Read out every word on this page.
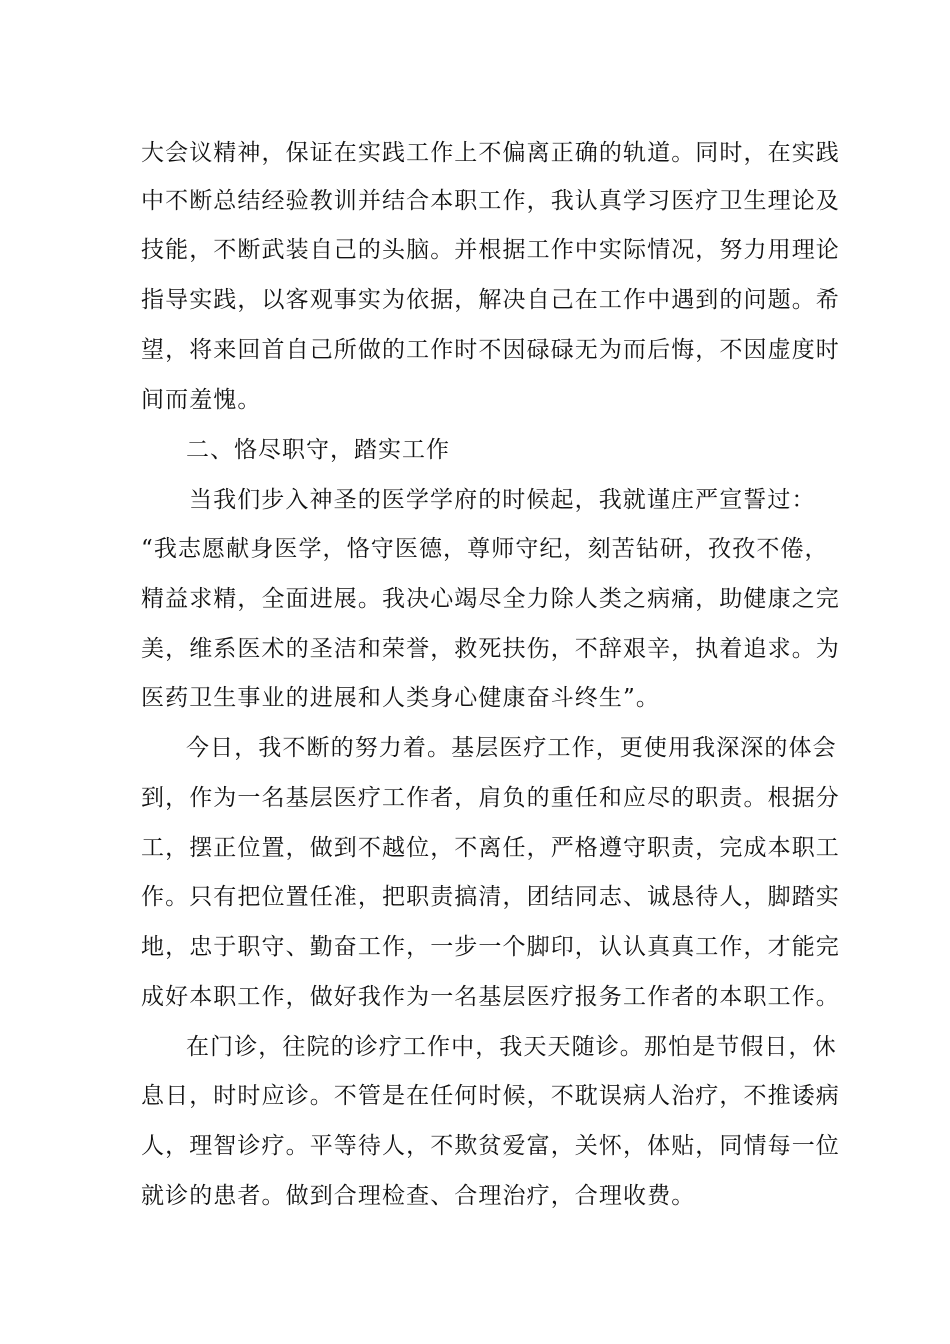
大会议精神，保证在实践工作上不偏离正确的轨道。同时，在实践

中不断总结经验教训并结合本职工作，我认真学习医疗卫生理论及

技能，不断武装自己的头脑。并根据工作中实际情况，努力用理论

指导实践，以客观事实为依据，解决自己在工作中遇到的问题。希

望，将来回首自己所做的工作时不因碌碌无为而后悔，不因虚度时

间而羞愧。

二、恪尽职守，踏实工作

当我们步入神圣的医学学府的时候起，我就谨庄严宣誓过：

“我志愿献身医学，恪守医德，尊师守纪，刻苦钻研，孜孜不倦，

精益求精，全面进展。我决心竭尽全力除人类之病痛，助健康之完

美，维系医术的圣洁和荣誉，救死扶伤，不辞艰辛，执着追求。为

医药卫生事业的进展和人类身心健康奋斗终生”。

今日，我不断的努力着。基层医疗工作，更使用我深深的体会

到，作为一名基层医疗工作者，肩负的重任和应尽的职责。根据分

工，摆正位置，做到不越位，不离任，严格遵守职责，完成本职工

作。只有把位置任准，把职责搞清，团结同志、诚恳待人，脚踏实

地，忠于职守、勤奋工作，一步一个脚印，认认真真工作，才能完

成好本职工作，做好我作为一名基层医疗报务工作者的本职工作。

在门诊，往院的诊疗工作中，我天天随诊。那怕是节假日，休

息日，时时应诊。不管是在任何时候，不耽误病人治疗，不推诿病

人，理智诊疗。平等待人，不欺贫爱富，关怀，体贴，同情每一位

就诊的患者。做到合理检查、合理治疗，合理收费。
